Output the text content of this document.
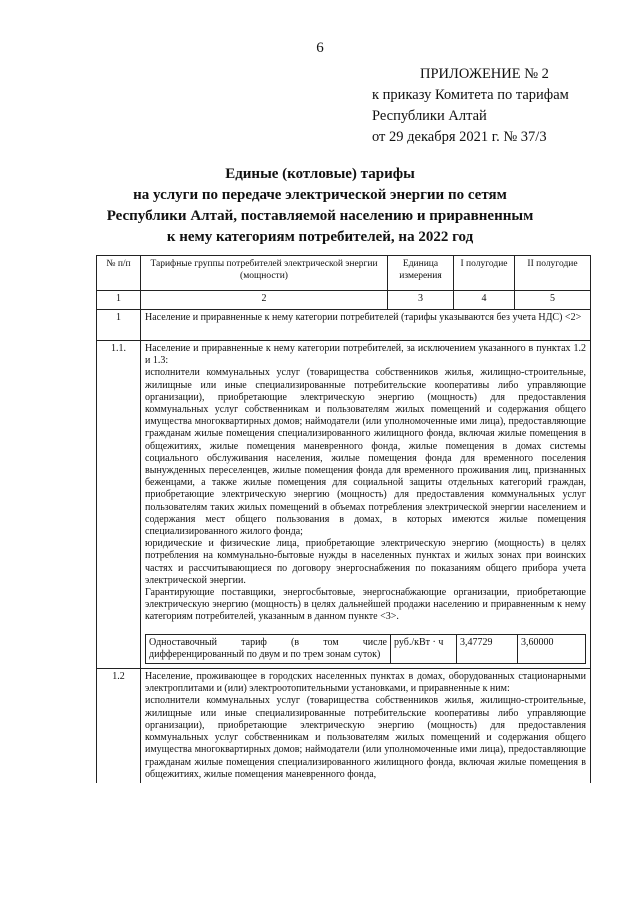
6
ПРИЛОЖЕНИЕ № 2
к приказу Комитета по тарифам
Республики Алтай
от 29 декабря 2021 г. № 37/3
Единые (котловые) тарифы
на услуги по передаче электрической энергии по сетям
Республики Алтай, поставляемой населению и приравненным
к нему категориям потребителей, на 2022 год
№ п/п	Тарифные группы потребителей электрической энергии (мощности)	Единица измерения	I полугодие	II полугодие
1	2	3	4	5
1	Население и приравненные к нему категории потребителей (тарифы указываются без учета НДС) <2>
1.1.	Население и приравненные к нему категории потребителей, за исключением указанного в пунктах 1.2 и 1.3:
исполнители коммунальных услуг (товарищества собственников жилья, жилищно-строительные, жилищные или иные специализированные потребительские кооперативы либо управляющие организации), приобретающие электрическую энергию (мощность) для предоставления коммунальных услуг собственникам и пользователям жилых помещений и содержания общего имущества многоквартирных домов; наймодатели (или уполномоченные ими лица), предоставляющие гражданам жилые помещения специализированного жилищного фонда, включая жилые помещения в общежитиях, жилые помещения маневренного фонда, жилые помещения в домах системы социального обслуживания населения, жилые помещения фонда для временного поселения вынужденных переселенцев, жилые помещения фонда для временного проживания лиц, признанных беженцами, а также жилые помещения для социальной защиты отдельных категорий граждан, приобретающие электрическую энергию (мощность) для предоставления коммунальных услуг пользователям таких жилых помещений в объемах потребления электрической энергии населением и содержания мест общего пользования в домах, в которых имеются жилые помещения специализированного жилого фонда;
юридические и физические лица, приобретающие электрическую энергию (мощность) в целях потребления на коммунально-бытовые нужды в населенных пунктах и жилых зонах при воинских частях и рассчитывающиеся по договору энергоснабжения по показаниям общего прибора учета электрической энергии.
Гарантирующие поставщики, энергосбытовые, энергоснабжающие организации, приобретающие электрическую энергию (мощность) в целях дальнейшей продажи населению и приравненным к нему категориям потребителей, указанным в данном пункте <3>.
Одноставочный тариф (в том числе дифференцированный по двум и по трем зонам суток)	руб./кВт · ч	3,47729	3,60000

1.2	Население, проживающее в городских населенных пунктах в домах, оборудованных стационарными электроплитами и (или) электроотопительными установками, и приравненные к ним:
исполнители коммунальных услуг (товарищества собственников жилья, жилищно-строительные, жилищные или иные специализированные потребительские кооперативы либо управляющие организации), приобретающие электрическую энергию (мощность) для предоставления коммунальных услуг собственникам и пользователям жилых помещений и содержания общего имущества многоквартирных домов; наймодатели (или уполномоченные ими лица), предоставляющие гражданам жилые помещения специализированного жилищного фонда, включая жилые помещения в общежитиях, жилые помещения маневренного фонда,
